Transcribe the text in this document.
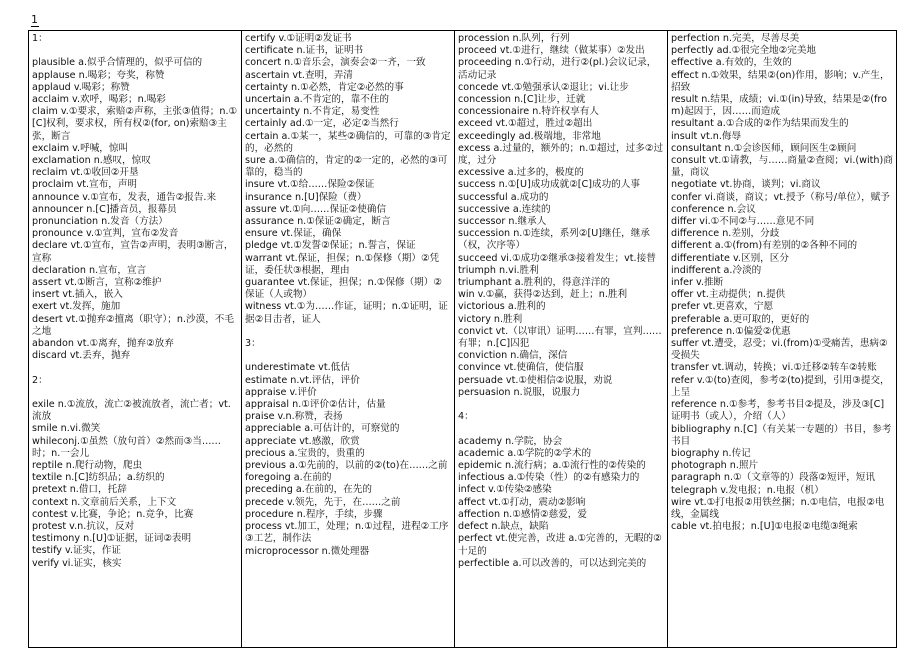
1
1：
plausible a.似乎合情理的，似乎可信的
applause n.喝彩；夸奖，称赞
applaud v.喝彩；称赞
acclaim v.欢呼，喝彩；n.喝彩
claim v.①要求，索赔②声称，主张③值得；n.①[C]权利，要求权，所有权②(for, on)索赔③主张，断言
exclaim v.呼喊，惊叫
exclamation n.感叹，惊叹
reclaim vt.①收回②开垦
proclaim vt.宣布，声明
announce v.①宣布，发表，通告②报告.来
announcer n.[C]播音员，报幕员
pronunciation n.发音（方法）
pronounce v.①宣判，宣布②发音
declare vt.①宣布，宣告②声明，表明③断言，宣称
declaration n.宣布，宣言
assert vt.①断言，宣称②维护
insert vt.插入，嵌入
exert vt.发挥，施加
desert vt.①抛弃②擅离（职守）；n.沙漠，不毛之地
abandon vt.①离弃，抛弃②放弃
discard vt.丢弃，抛弃
2：
exile n.①流放，流亡②被流放者，流亡者；vt.流放
smile n.vi.微笑
whileconj.①虽然（放句首）②然而③当……时；n.一会儿
reptile n.爬行动物，爬虫
textile n.[C]纺织品；a.纺织的
pretext n.借口，托辞
context n.文章前后关系，上下文
contest v.比赛，争论；n.竞争，比赛
protest v.n.抗议，反对
testimony n.[U]①证据，证词②表明
testify v.证实，作证
verify vi.证实，核实
certify v.①证明②发证书
certificate n.证书，证明书
concert n.①音乐会，演奏会②一齐，一致
ascertain vt.查明，弄清
certainty n.①必然，肯定②必然的事
uncertain a.不肯定的，靠不住的
uncertainty n.不肯定，易变性
certainly ad.①一定，必定②当然行
certain a.①某一，某些②确信的，可靠的③肯定的，必然的
sure a.①确信的，肯定的②一定的，必然的③可靠的，稳当的
insure vt.①给……保险②保证
insurance n.[U]保险（费）
assure vt.①向……保证②使确信
assurance n.①保证②确定，断言
ensure vt.保证，确保
pledge vt.①发誓②保证；n.誓言，保证
warrant vt.保证，担保；n.①保修（期）②凭证，委任状③根据，理由
guarantee vt.保证，担保；n.①保修（期）②保证（人或物）
witness vt.①为……作证，证明；n.①证明，证据②目击者，证人
3：
underestimate vt.低估
estimate n.vt.评估，评价
appraise v.评价
appraisal n.①评价②估计，估量
praise v.n.称赞，表扬
appreciable a.可估计的，可察觉的
appreciate vt.感激，欣赏
precious a.宝贵的，贵重的
previous a.①先前的，以前的②(to)在……之前
foregoing a.在前的
preceding a.在前的，在先的
precede v.领先，先于，在……之前
procedure n.程序，手续，步骤
process vt.加工，处理；n.①过程，进程②工序③工艺，制作法
microprocessor n.微处理器
procession n.队列，行列
proceed vt.①进行，继续（做某事）②发出
proceeding n.①行动，进行②(pl.)会议记录，活动记录
concede vt.①勉强承认②退让；vi.让步
concession n.[C]让步，迁就
concessionaire n.特许权享有人
exceed vt.①超过，胜过②超出
exceedingly ad.极端地，非常地
excess a.过量的，额外的；n.①超过，过多②过度，过分
excessive a.过多的，极度的
success n.①[U]成功成就②[C]成功的人事
successful a.成功的
successive a.连续的
successor n.继承人
succession n.①连续，系列②[U]继任，继承（权，次序等）
succeed vi.①成功②继承③接着发生；vt.接替
triumph n.vi.胜利
triumphant a.胜利的，得意洋洋的
win v.①赢，获得②达到，赶上；n.胜利
victorious a.胜利的
victory n.胜利
convict vt.（以审讯）证明……有罪，宣判……有罪；n.[C]囚犯
conviction n.确信，深信
convince vt.使确信，使信服
persuade vt.①使相信②说服，劝说
persuasion n.说服，说服力
4：
academy n.学院，协会
academic a.①学院的②学术的
epidemic n.流行病；a.①流行性的②传染的
infectious a.①传染（性）的②有感染力的
infect v.①传染②感染
affect vt.①打动，震动②影响
affection n.①感情②慈爱，爱
defect n.缺点，缺陷
perfect vt.使完善，改进 a.①完善的，无暇的②十足的
perfectible a.可以改善的，可以达到完美的
perfection n.完美，尽善尽美
perfectly ad.①很完全地②完美地
effective a.有效的，生效的
effect n.①效果，结果②(on)作用，影响；v.产生，招致
result n.结果，成绩；vi.①(in)导致，结果是②(from)起因于，因……而造成
resultant a.①合成的②作为结果而发生的
insult vt.n.侮辱
consultant n.①会诊医师，顾问医生②顾问
consult vt.①请教，与……商量②查阅；vi.(with)商量，商议
negotiate vt.协商，谈判；vi.商议
confer vi.商谈，商议；vt.授予（称号/单位），赋予
conference n.会议
differ vi.①不同②与……意见不同
difference n.差别，分歧
different a.①(from)有差别的②各种不同的
differentiate v.区别，区分
indifferent a.冷淡的
infer v.推断
offer vt.主动提供；n.提供
prefer vt.更喜欢，宁愿
preferable a.更可取的，更好的
preference n.①偏爱②优惠
suffer vt.遭受，忍受；vi.(from)①受痛苦，患病②受损失
transfer vt.调动，转换；vi.①迁移②转车②转账
refer v.①(to)查阅，参考②(to)提到，引用③提交，上呈
reference n.①参考，参考书目②提及，涉及③[C]证明书（或人），介绍（人）
bibliography n.[C]（有关某一专题的）书目，参考书目
biography n.传记
photograph n.照片
paragraph n.①（文章等的）段落②短评，短讯
telegraph v.发电报；n.电报（机）
wire vt.①打电报②用铁丝捆；n.①电信，电报②电线，金属线
cable vt.拍电报；n.[U]①电报②电缆③绳索
